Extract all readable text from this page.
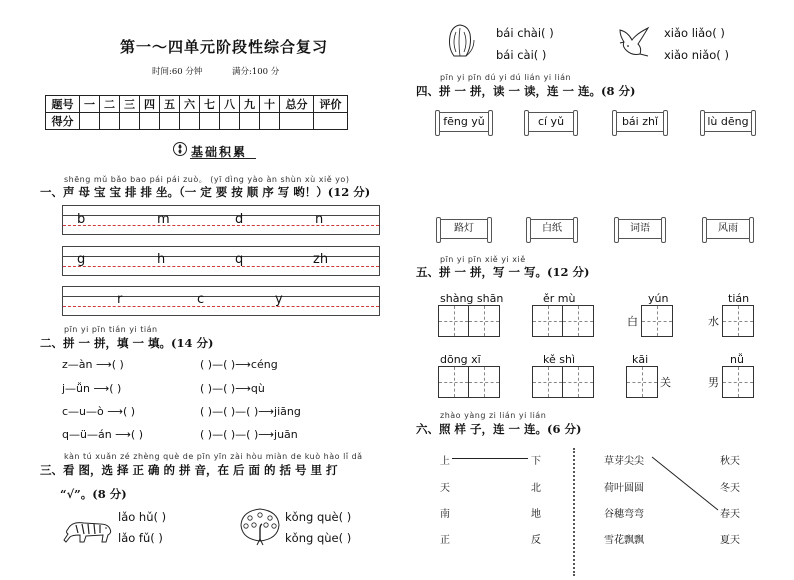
第一～四单元阶段性综合复习
时间:60 分钟	满分:100 分
题号	一	二	三	四	五	六	七	八	九	十	总分	评价
得分												
基础积累
shēng mǔ bǎo bao pái pái zuò。 (yī dìng yào àn shùn xù xiě yo)
一、声 母 宝 宝 排 排 坐。（一 定 要 按 顺 序 写 哟！）(12 分)
b	m	d	n
g	h	q	zh
r	c	y
pīn yi pīn tián yi tián
二、拼 一 拼，填 一 填。(14 分)
z—àn ⟶( )	( )—( )⟶céng
j—ǚn ⟶( )	( )—( )⟶qù
c—u—ò ⟶( )	( )—( )—( )⟶jiāng
q—ü—án ⟶( )	( )—( )—( )⟶juān
kàn tú xuǎn zé zhèng què de pīn yīn zài hòu miàn de kuò hào lǐ dǎ
三、看 图，选 择 正 确 的 拼 音，在 后 面 的 括 号 里 打
“√”。(8 分)
lǎo hǔ( )
lǎo fǔ( )
kǒng què( )
kǒng qùe( )
bái chài( )
bái cài( )
xiǎo liǎo( )
xiǎo niǎo( )
pīn yi pīn dú yi dú lián yi lián
四、拼 一 拼，读 一 读，连 一 连。(8 分)
fēng yǔ	cí yǔ	bái zhǐ	lù dēng
路灯	白纸	词语	风雨
pīn yi pīn xiě yi xiě
五、拼 一 拼，写 一 写。(12 分)
shàng shān	ěr mù	yún	tián
白	水
dōng xī	kě shì	kāi	nǚ
关	男
zhào yàng zi lián yi lián
六、照 样 子，连 一 连。(6 分)
上	下
天	北
南	地
正	反
草芽尖尖	秋天
荷叶圆圆	冬天
谷穗弯弯	春天
雪花飘飘	夏天
